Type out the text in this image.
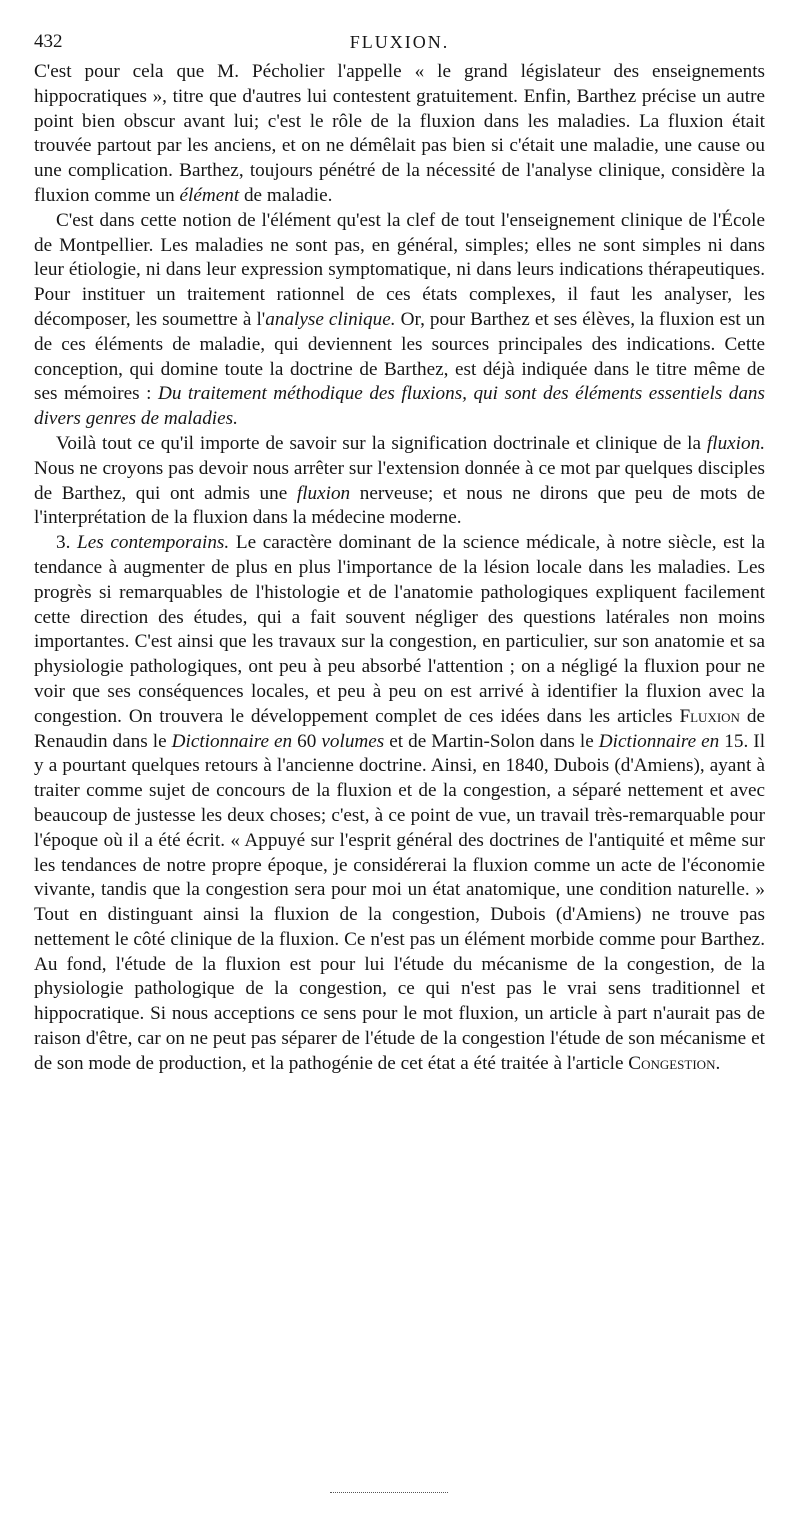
432	FLUXION.

C'est pour cela que M. Pécholier l'appelle « le grand législateur des enseignements hippocratiques », titre que d'autres lui contestent gratuitement. Enfin, Barthez précise un autre point bien obscur avant lui; c'est le rôle de la fluxion dans les maladies. La fluxion était trouvée partout par les anciens, et on ne démêlait pas bien si c'était une maladie, une cause ou une complication. Barthez, toujours pénétré de la nécessité de l'analyse clinique, considère la fluxion comme un élément de maladie.

C'est dans cette notion de l'élément qu'est la clef de tout l'enseignement clinique de l'École de Montpellier. Les maladies ne sont pas, en général, simples; elles ne sont simples ni dans leur étiologie, ni dans leur expression symptomatique, ni dans leurs indications thérapeutiques. Pour instituer un traitement rationnel de ces états complexes, il faut les analyser, les décomposer, les soumettre à l'analyse clinique. Or, pour Barthez et ses élèves, la fluxion est un de ces éléments de maladie, qui deviennent les sources principales des indications. Cette conception, qui domine toute la doctrine de Barthez, est déjà indiquée dans le titre même de ses mémoires : Du traitement méthodique des fluxions, qui sont des éléments essentiels dans divers genres de maladies.

Voilà tout ce qu'il importe de savoir sur la signification doctrinale et clinique de la fluxion. Nous ne croyons pas devoir nous arrêter sur l'extension donnée à ce mot par quelques disciples de Barthez, qui ont admis une fluxion nerveuse; et nous ne dirons que peu de mots de l'interprétation de la fluxion dans la médecine moderne.

3. Les contemporains. Le caractère dominant de la science médicale, à notre siècle, est la tendance à augmenter de plus en plus l'importance de la lésion locale dans les maladies. Les progrès si remarquables de l'histologie et de l'anatomie pathologiques expliquent facilement cette direction des études, qui a fait souvent négliger des questions latérales non moins importantes. C'est ainsi que les travaux sur la congestion, en particulier, sur son anatomie et sa physiologie pathologiques, ont peu à peu absorbé l'attention ; on a négligé la fluxion pour ne voir que ses conséquences locales, et peu à peu on est arrivé à identifier la fluxion avec la congestion. On trouvera le développement complet de ces idées dans les articles Fluxion de Renaudin dans le Dictionnaire en 60 volumes et de Martin-Solon dans le Dictionnaire en 15. Il y a pourtant quelques retours à l'ancienne doctrine. Ainsi, en 1840, Dubois (d'Amiens), ayant à traiter comme sujet de concours de la fluxion et de la congestion, a séparé nettement et avec beaucoup de justesse les deux choses; c'est, à ce point de vue, un travail très-remarquable pour l'époque où il a été écrit. « Appuyé sur l'esprit général des doctrines de l'antiquité et même sur les tendances de notre propre époque, je considérerai la fluxion comme un acte de l'économie vivante, tandis que la congestion sera pour moi un état anatomique, une condition naturelle. » Tout en distinguant ainsi la fluxion de la congestion, Dubois (d'Amiens) ne trouve pas nettement le côté clinique de la fluxion. Ce n'est pas un élément morbide comme pour Barthez. Au fond, l'étude de la fluxion est pour lui l'étude du mécanisme de la congestion, de la physiologie pathologique de la congestion, ce qui n'est pas le vrai sens traditionnel et hippocratique. Si nous acceptions ce sens pour le mot fluxion, un article à part n'aurait pas de raison d'être, car on ne peut pas séparer de l'étude de la congestion l'étude de son mécanisme et de son mode de production, et la pathogénie de cet état a été traitée à l'article Congestion.
